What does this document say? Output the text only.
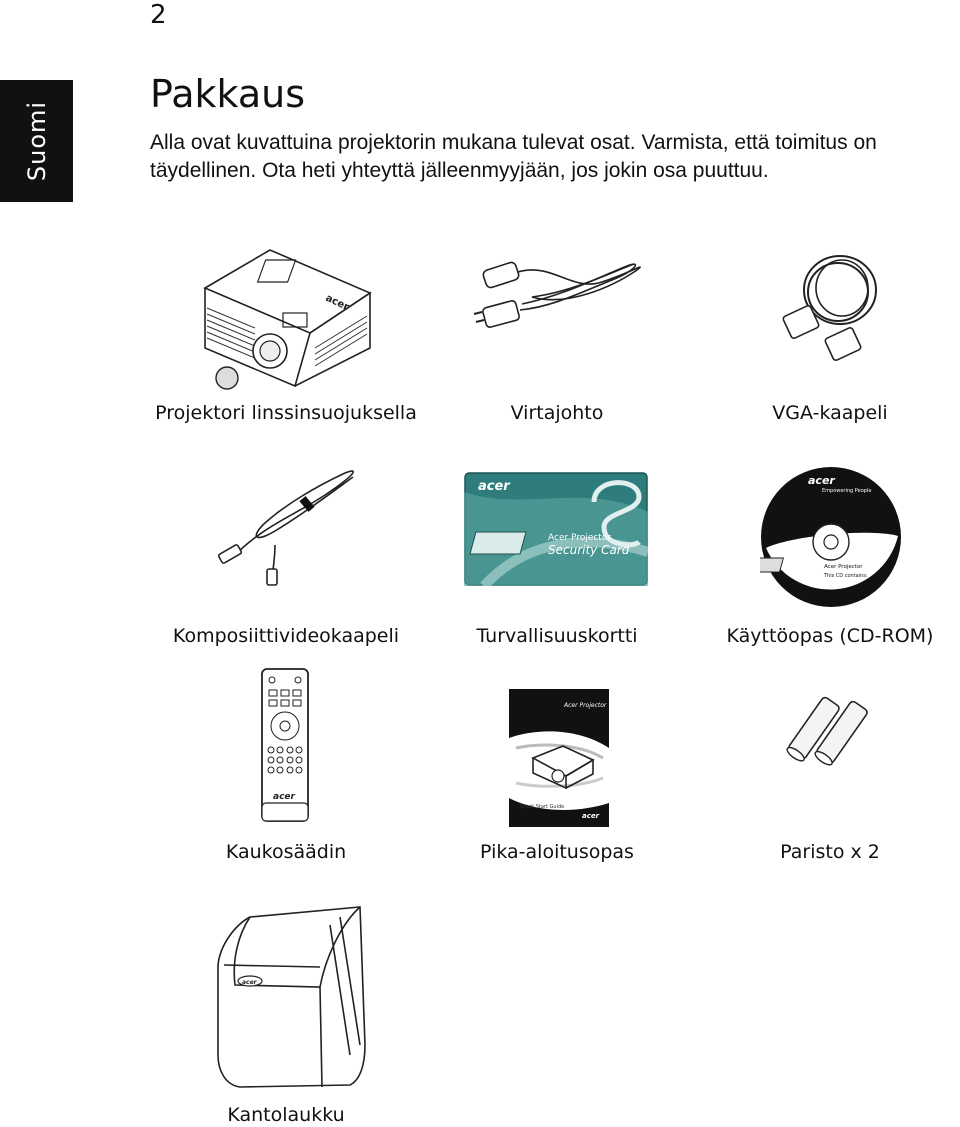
2
Suomi
Pakkaus

Alla ovat kuvattuina projektorin mukana tulevat osat. Varmista, että toimitus on täydellinen. Ota heti yhteyttä jälleenmyyjään, jos jokin osa puuttuu.

acer
Projektori linssinsuojuksella	Virtajohto	VGA-kaapeli
Komposiittivideokaapeli
acer
Acer Projector
Security Card
Turvallisuuskortti
acer
Empowering People
Acer Projector
This CD contains:
Käyttöopas (CD-ROM)
acer
Kaukosäädin
Acer Projector
Quick Start Guide
acer
Pika-aloitusopas	Paristo x 2
acer
Kantolaukku
